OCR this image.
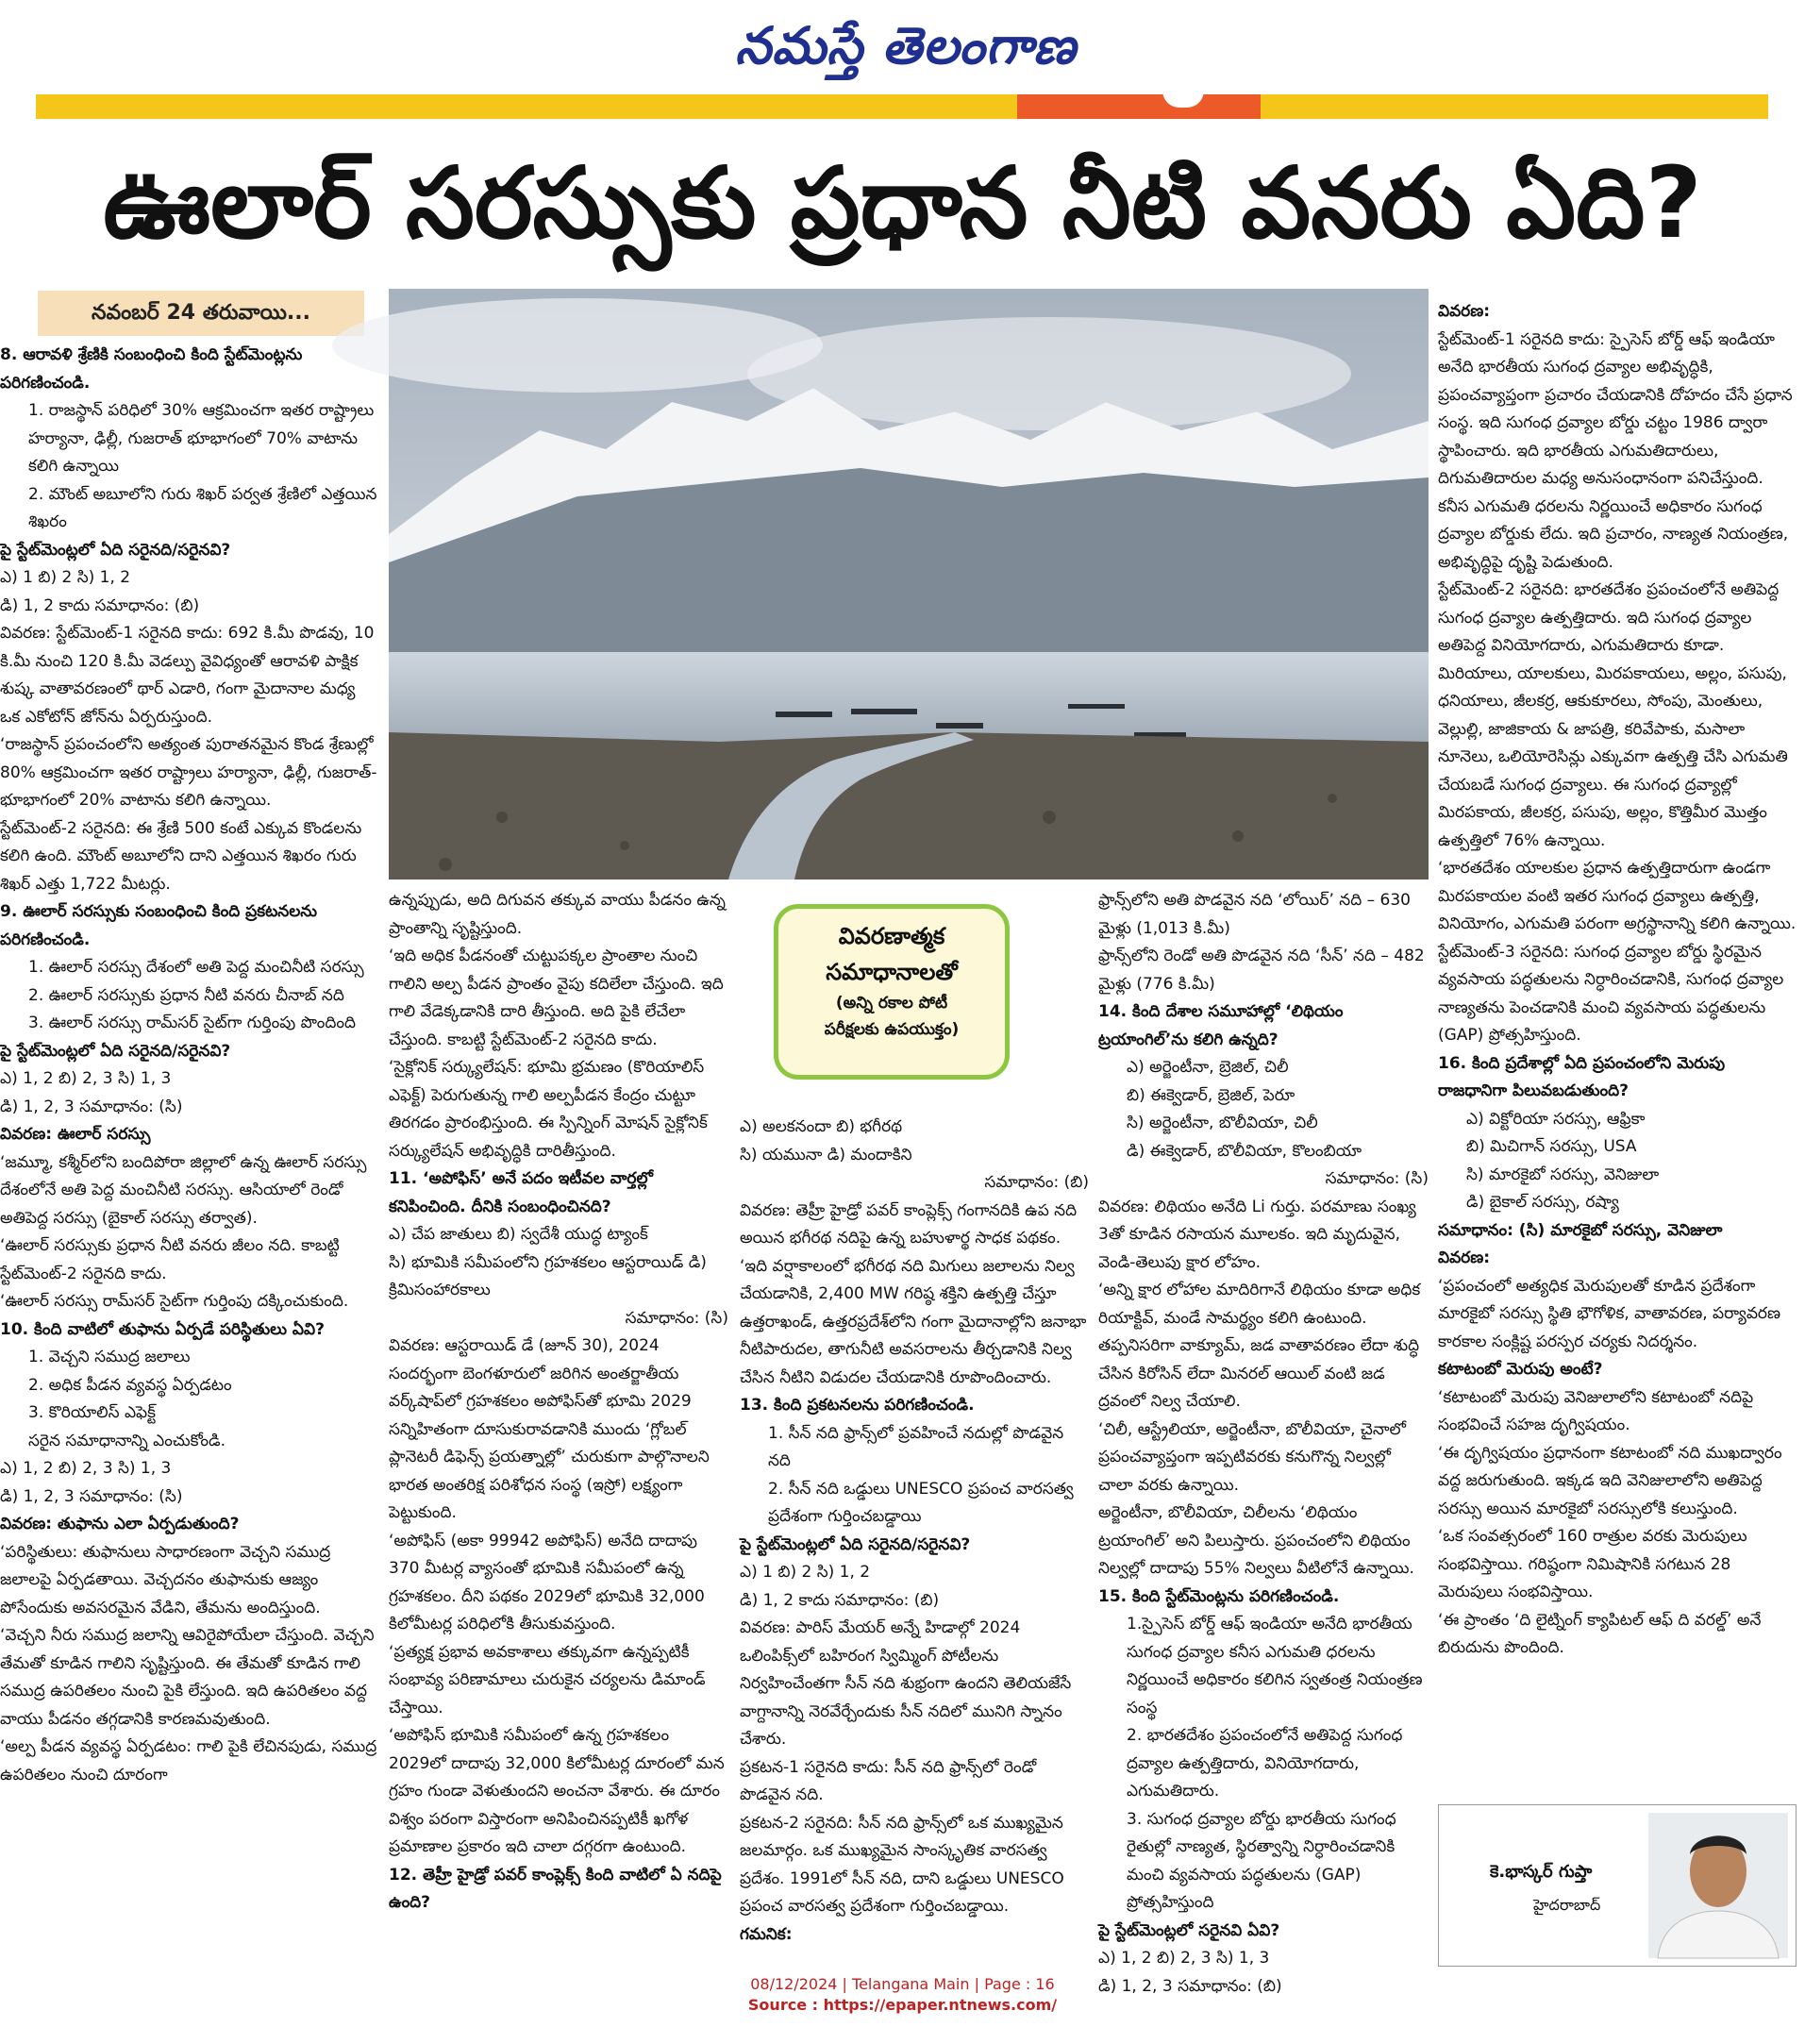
నమస్తే తెలంగాణ
ఊలార్ సరస్సుకు ప్రధాన నీటి వనరు ఏది?
నవంబర్ 24 తరువాయి...
వివరణాత్మక
సమాధానాలతో
(అన్ని రకాల పోటీ
పరీక్షలకు ఉపయుక్తం)

8. ఆరావళి శ్రేణికి సంబంధించి కింది స్టేట్‌మెంట్లను పరిగణించండి.

1. రాజస్థాన్ పరిధిలో 30% ఆక్రమించగా ఇతర రాష్ట్రాలు హర్యానా, ఢిల్లీ, గుజరాత్ భూభాగంలో 70% వాటాను కలిగి ఉన్నాయి

2. మౌంట్ అబూలోని గురు శిఖర్ పర్వత శ్రేణిలో ఎత్తయిన శిఖరం

పై స్టేట్‌మెంట్లలో ఏది సరైనది/సరైనవి?

ఎ) 1 బి) 2 సి) 1, 2

డి) 1, 2 కాదు సమాధానం: (బి)

వివరణ: స్టేట్‌మెంట్-1 సరైనది కాదు: 692 కి.మీ పొడవు, 10 కి.మీ నుంచి 120 కి.మీ వెడల్పు వైవిధ్యంతో ఆరావళి పాక్షిక శుష్క వాతావరణంలో థార్ ఎడారి, గంగా మైదానాల మధ్య ఒక ఎకోటోన్ జోన్‌ను ఏర్పరుస్తుంది.

‘రాజస్థాన్ ప్రపంచంలోని అత్యంత పురాతనమైన కొండ శ్రేణుల్లో 80% ఆక్రమించగా ఇతర రాష్ట్రాలు హర్యానా, ఢిల్లీ, గుజరాత్- భూభాగంలో 20% వాటాను కలిగి ఉన్నాయి.

స్టేట్‌మెంట్-2 సరైనది: ఈ శ్రేణి 500 కంటే ఎక్కువ కొండలను కలిగి ఉంది. మౌంట్ అబూలోని దాని ఎత్తయిన శిఖరం గురు శిఖర్ ఎత్తు 1,722 మీటర్లు.

9. ఊలార్ సరస్సుకు సంబంధించి కింది ప్రకటనలను పరిగణించండి.

1. ఊలార్ సరస్సు దేశంలో అతి పెద్ద మంచినీటి సరస్సు

2. ఊలార్ సరస్సుకు ప్రధాన నీటి వనరు చీనాబ్ నది

3. ఊలార్ సరస్సు రామ్‌సర్ సైట్‌గా గుర్తింపు పొందింది

పై స్టేట్‌మెంట్లలో ఏది సరైనది/సరైనవి?

ఎ) 1, 2 బి) 2, 3 సి) 1, 3

డి) 1, 2, 3 సమాధానం: (సి)

వివరణ: ఊలార్ సరస్సు

‘జమ్మూ, కశ్మీర్‌లోని బందిపోరా జిల్లాలో ఉన్న ఊలార్ సరస్సు దేశంలోనే అతి పెద్ద మంచినీటి సరస్సు. ఆసియాలో రెండో అతిపెద్ద సరస్సు (బైకాల్ సరస్సు తర్వాత).

‘ఊలార్ సరస్సుకు ప్రధాన నీటి వనరు జీలం నది. కాబట్టి స్టేట్‌మెంట్-2 సరైనది కాదు.

‘ఊలార్ సరస్సు రామ్‌సర్ సైట్‌గా గుర్తింపు దక్కించుకుంది.

10. కింది వాటిలో తుఫాను ఏర్పడే పరిస్థితులు ఏవి?

1. వెచ్చని సముద్ర జలాలు

2. అధిక పీడన వ్యవస్థ ఏర్పడటం

3. కొరియాలిస్ ఎఫెక్ట్

సరైన సమాధానాన్ని ఎంచుకోండి.

ఎ) 1, 2 బి) 2, 3 సి) 1, 3

డి) 1, 2, 3 సమాధానం: (సి)

వివరణ: తుఫాను ఎలా ఏర్పడుతుంది?

‘పరిస్థితులు: తుఫానులు సాధారణంగా వెచ్చని సముద్ర జలాలపై ఏర్పడతాయి. వెచ్చదనం తుఫానుకు ఆజ్యం పోసేందుకు అవసరమైన వేడిని, తేమను అందిస్తుంది.

‘వెచ్చని నీరు సముద్ర జలాన్ని ఆవిరైపోయేలా చేస్తుంది. వెచ్చని తేమతో కూడిన గాలిని సృష్టిస్తుంది. ఈ తేమతో కూడిన గాలి సముద్ర ఉపరితలం నుంచి పైకి లేస్తుంది. ఇది ఉపరితలం వద్ద వాయు పీడనం తగ్గడానికి కారణమవుతుంది.

‘అల్ప పీడన వ్యవస్థ ఏర్పడటం: గాలి పైకి లేచినపుడు, సముద్ర ఉపరితలం నుంచి దూరంగా

ఉన్నప్పుడు, అది దిగువన తక్కువ వాయు పీడనం ఉన్న ప్రాంతాన్ని సృష్టిస్తుంది.

‘ఇది అధిక పీడనంతో చుట్టుపక్కల ప్రాంతాల నుంచి గాలిని అల్ప పీడన ప్రాంతం వైపు కదిలేలా చేస్తుంది. ఇది గాలి వేడెక్కడానికి దారి తీస్తుంది. అది పైకి లేచేలా చేస్తుంది. కాబట్టి స్టేట్‌మెంట్-2 సరైనది కాదు.

‘సైక్లోనిక్ సర్క్యులేషన్: భూమి భ్రమణం (కొరియాలిస్ ఎఫెక్ట్) పెరుగుతున్న గాలి అల్పపీడన కేంద్రం చుట్టూ తిరగడం ప్రారంభిస్తుంది. ఈ స్పిన్నింగ్ మోషన్ సైక్లోనిక్ సర్క్యులేషన్ అభివృద్ధికి దారితీస్తుంది.

11. ‘అపోఫిస్’ అనే పదం ఇటీవల వార్తల్లో కనిపించింది. దీనికి సంబంధించినది?

ఎ) చేప జాతులు బి) స్వదేశీ యుద్ధ ట్యాంక్

సి) భూమికి సమీపంలోని గ్రహశకలం ఆస్టరాయిడ్ డి) క్రిమిసంహారకాలు

సమాధానం: (సి)

వివరణ: ఆస్టరాయిడ్ డే (జూన్ 30), 2024 సందర్భంగా బెంగళూరులో జరిగిన అంతర్జాతీయ వర్క్‌షాప్‌లో గ్రహశకలం అపోఫిస్‌తో భూమి 2029 సన్నిహితంగా దూసుకురావడానికి ముందు ‘గ్లోబల్ ప్లానెటరీ డిఫెన్స్ ప్రయత్నాల్లో’ చురుకుగా పాల్గొనాలని భారత అంతరిక్ష పరిశోధన సంస్థ (ఇస్రో) లక్ష్యంగా పెట్టుకుంది.

‘అపోఫిస్ (అకా 99942 అపోఫిస్) అనేది దాదాపు 370 మీటర్ల వ్యాసంతో భూమికి సమీపంలో ఉన్న గ్రహశకలం. దీని పథకం 2029లో భూమికి 32,000 కిలోమీటర్ల పరిధిలోకి తీసుకువస్తుంది.

‘ప్రత్యక్ష ప్రభావ అవకాశాలు తక్కువగా ఉన్నప్పటికీ సంభావ్య పరిణామాలు చురుకైన చర్యలను డిమాండ్ చేస్తాయి.

‘అపోఫిస్ భూమికి సమీపంలో ఉన్న గ్రహశకలం 2029లో దాదాపు 32,000 కిలోమీటర్ల దూరంలో మన గ్రహం గుండా వెళుతుందని అంచనా వేశారు. ఈ దూరం విశ్వం పరంగా విస్తారంగా అనిపించినప్పటికీ ఖగోళ ప్రమాణాల ప్రకారం ఇది చాలా దగ్గరగా ఉంటుంది.

12. తెహ్రీ హైడ్రో పవర్ కాంప్లెక్స్ కింది వాటిలో ఏ నదిపై ఉంది?

ఎ) అలకనందా బి) భగీరథ

సి) యమునా డి) మందాకిని

సమాధానం: (బి)

వివరణ: తెహ్రీ హైడ్రో పవర్ కాంప్లెక్స్ గంగానదికి ఉప నది అయిన భగీరథ నదిపై ఉన్న బహుళార్థ సాధక పథకం.

‘ఇది వర్షాకాలంలో భగీరథ నది మిగులు జలాలను నిల్వ చేయడానికి, 2,400 MW గరిష్ఠ శక్తిని ఉత్పత్తి చేస్తూ ఉత్తరాఖండ్, ఉత్తరప్రదేశ్‌లోని గంగా మైదానాల్లోని జనాభా నీటిపారుదల, తాగునీటి అవసరాలను తీర్చడానికి నిల్వ చేసిన నీటిని విడుదల చేయడానికి రూపొందించారు.

13. కింది ప్రకటనలను పరిగణించండి.

1. సీన్ నది ఫ్రాన్స్‌లో ప్రవహించే నదుల్లో పొడవైన నది

2. సీన్ నది ఒడ్డులు UNESCO ప్రపంచ వారసత్వ ప్రదేశంగా గుర్తించబడ్డాయి

పై స్టేట్‌మెంట్లలో ఏది సరైనది/సరైనవి?

ఎ) 1 బి) 2 సి) 1, 2

డి) 1, 2 కాదు సమాధానం: (బి)

వివరణ: పారిస్ మేయర్ అన్నే హిడాల్గో 2024 ఒలింపిక్స్‌లో బహిరంగ స్విమ్మింగ్ పోటీలను నిర్వహించేంతగా సీన్ నది శుభ్రంగా ఉందని తెలియజేసే వాగ్దానాన్ని నెరవేర్చేందుకు సీన్ నదిలో మునిగి స్నానం చేశారు.

ప్రకటన-1 సరైనది కాదు: సీన్ నది ఫ్రాన్స్‌లో రెండో పొడవైన నది.

ప్రకటన-2 సరైనది: సీన్ నది ఫ్రాన్స్‌లో ఒక ముఖ్యమైన జలమార్గం. ఒక ముఖ్యమైన సాంస్కృతిక వారసత్వ ప్రదేశం. 1991లో సీన్ నది, దాని ఒడ్డులు UNESCO ప్రపంచ వారసత్వ ప్రదేశంగా గుర్తించబడ్డాయి.

గమనిక:

ఫ్రాన్స్‌లోని అతి పొడవైన నది ‘లోయిర్’ నది – 630 మైళ్లు (1,013 కి.మీ)

ఫ్రాన్స్‌లోని రెండో అతి పొడవైన నది ‘సీన్’ నది – 482 మైళ్లు (776 కి.మీ)

14. కింది దేశాల సమూహాల్లో ‘లిథియం ట్రయాంగిల్’ను కలిగి ఉన్నది?

ఎ) అర్జెంటీనా, బ్రెజిల్, చిలీ

బి) ఈక్వెడార్, బ్రెజిల్, పెరూ

సి) అర్జెంటీనా, బొలీవియా, చిలీ

డి) ఈక్వెడార్, బొలీవియా, కొలంబియా

సమాధానం: (సి)

వివరణ: లిథియం అనేది Li గుర్తు. పరమాణు సంఖ్య 3తో కూడిన రసాయన మూలకం. ఇది మృదువైన, వెండి-తెలుపు క్షార లోహం.

‘అన్ని క్షార లోహాల మాదిరిగానే లిథియం కూడా అధిక రియాక్టివ్, మండే సామర్థ్యం కలిగి ఉంటుంది. తప్పనిసరిగా వాక్యూమ్, జడ వాతావరణం లేదా శుద్ధి చేసిన కిరోసిన్ లేదా మినరల్ ఆయిల్ వంటి జడ ద్రవంలో నిల్వ చేయాలి.

‘చిలీ, ఆస్ట్రేలియా, అర్జెంటీనా, బొలీవియా, చైనాలో ప్రపంచవ్యాప్తంగా ఇప్పటివరకు కనుగొన్న నిల్వల్లో చాలా వరకు ఉన్నాయి.

అర్జెంటీనా, బొలీవియా, చిలీలను ‘లిథియం ట్రయాంగిల్’ అని పిలుస్తారు. ప్రపంచంలోని లిథియం నిల్వల్లో దాదాపు 55% నిల్వలు వీటిలోనే ఉన్నాయి.

15. కింది స్టేట్‌మెంట్లను పరిగణించండి.

1.స్పైసెస్ బోర్డ్ ఆఫ్ ఇండియా అనేది భారతీయ సుగంధ ద్రవ్యాల కనీస ఎగుమతి ధరలను నిర్ణయించే అధికారం కలిగిన స్వతంత్ర నియంత్రణ సంస్థ

2. భారతదేశం ప్రపంచంలోనే అతిపెద్ద సుగంధ ద్రవ్యాల ఉత్పత్తిదారు, వినియోగదారు, ఎగుమతిదారు.

3. సుగంధ ద్రవ్యాల బోర్డు భారతీయ సుగంధ రైతుల్లో నాణ్యత, స్థిరత్వాన్ని నిర్ధారించడానికి మంచి వ్యవసాయ పద్ధతులను (GAP) ప్రోత్సహిస్తుంది

పై స్టేట్‌మెంట్లలో సరైనవి ఏవి?

ఎ) 1, 2 బి) 2, 3 సి) 1, 3

డి) 1, 2, 3 సమాధానం: (బి)

వివరణ:

స్టేట్‌మెంట్-1 సరైనది కాదు: స్పైసెస్ బోర్డ్ ఆఫ్ ఇండియా అనేది భారతీయ సుగంధ ద్రవ్యాల అభివృద్ధికి, ప్రపంచవ్యాప్తంగా ప్రచారం చేయడానికి దోహదం చేసే ప్రధాన సంస్థ. ఇది సుగంధ ద్రవ్యాల బోర్డు చట్టం 1986 ద్వారా స్థాపించారు. ఇది భారతీయ ఎగుమతిదారులు, దిగుమతిదారుల మధ్య అనుసంధానంగా పనిచేస్తుంది. కనీస ఎగుమతి ధరలను నిర్ణయించే అధికారం సుగంధ ద్రవ్యాల బోర్డుకు లేదు. ఇది ప్రచారం, నాణ్యత నియంత్రణ, అభివృద్ధిపై దృష్టి పెడుతుంది.

స్టేట్‌మెంట్-2 సరైనది: భారతదేశం ప్రపంచంలోనే అతిపెద్ద సుగంధ ద్రవ్యాల ఉత్పత్తిదారు. ఇది సుగంధ ద్రవ్యాల అతిపెద్ద వినియోగదారు, ఎగుమతిదారు కూడా. మిరియాలు, యాలకులు, మిరపకాయలు, అల్లం, పసుపు, ధనియాలు, జీలకర్ర, ఆకుకూరలు, సోంపు, మెంతులు, వెల్లుల్లి, జాజికాయ & జాపత్రి, కరివేపాకు, మసాలా నూనెలు, ఒలియోరెసిన్లు ఎక్కువగా ఉత్పత్తి చేసి ఎగుమతి చేయబడే సుగంధ ద్రవ్యాలు. ఈ సుగంధ ద్రవ్యాల్లో మిరపకాయ, జీలకర్ర, పసుపు, అల్లం, కొత్తిమీర మొత్తం ఉత్పత్తిలో 76% ఉన్నాయి.

‘భారతదేశం యాలకుల ప్రధాన ఉత్పత్తిదారుగా ఉండగా మిరపకాయల వంటి ఇతర సుగంధ ద్రవ్యాలు ఉత్పత్తి, వినియోగం, ఎగుమతి పరంగా అగ్రస్థానాన్ని కలిగి ఉన్నాయి.

స్టేట్‌మెంట్-3 సరైనది: సుగంధ ద్రవ్యాల బోర్డు స్థిరమైన వ్యవసాయ పద్ధతులను నిర్ధారించడానికి, సుగంధ ద్రవ్యాల నాణ్యతను పెంచడానికి మంచి వ్యవసాయ పద్ధతులను (GAP) ప్రోత్సహిస్తుంది.

16. కింది ప్రదేశాల్లో ఏది ప్రపంచంలోని మెరుపు రాజధానిగా పిలువబడుతుంది?

ఎ) విక్టోరియా సరస్సు, ఆఫ్రికా

బి) మిచిగాన్ సరస్సు, USA

సి) మారకైబో సరస్సు, వెనిజులా

డి) బైకాల్ సరస్సు, రష్యా

సమాధానం: (సి) మారకైబో సరస్సు, వెనిజులా

వివరణ:

‘ప్రపంచంలో అత్యధిక మెరుపులతో కూడిన ప్రదేశంగా మారకైబో సరస్సు స్థితి భౌగోళిక, వాతావరణ, పర్యావరణ కారకాల సంక్లిష్ట పరస్పర చర్యకు నిదర్శనం.

కటాటంబో మెరుపు అంటే?

‘కటాటంబో మెరుపు వెనిజులాలోని కటాటంబో నదిపై సంభవించే సహజ దృగ్విషయం.

‘ఈ దృగ్విషయం ప్రధానంగా కటాటంబో నది ముఖద్వారం వద్ద జరుగుతుంది. ఇక్కడ ఇది వెనిజులాలోని అతిపెద్ద సరస్సు అయిన మారకైబో సరస్సులోకి కలుస్తుంది.

‘ఒక సంవత్సరంలో 160 రాత్రుల వరకు మెరుపులు సంభవిస్తాయి. గరిష్ఠంగా నిమిషానికి సగటున 28 మెరుపులు సంభవిస్తాయి.

‘ఈ ప్రాంతం ‘ది లైట్నింగ్ క్యాపిటల్ ఆఫ్ ది వరల్డ్’ అనే బిరుదును పొందింది.

కె.భాస్కర్ గుప్తా
హైదరాబాద్
08/12/2024 | Telangana Main | Page : 16
Source : https://epaper.ntnews.com/
